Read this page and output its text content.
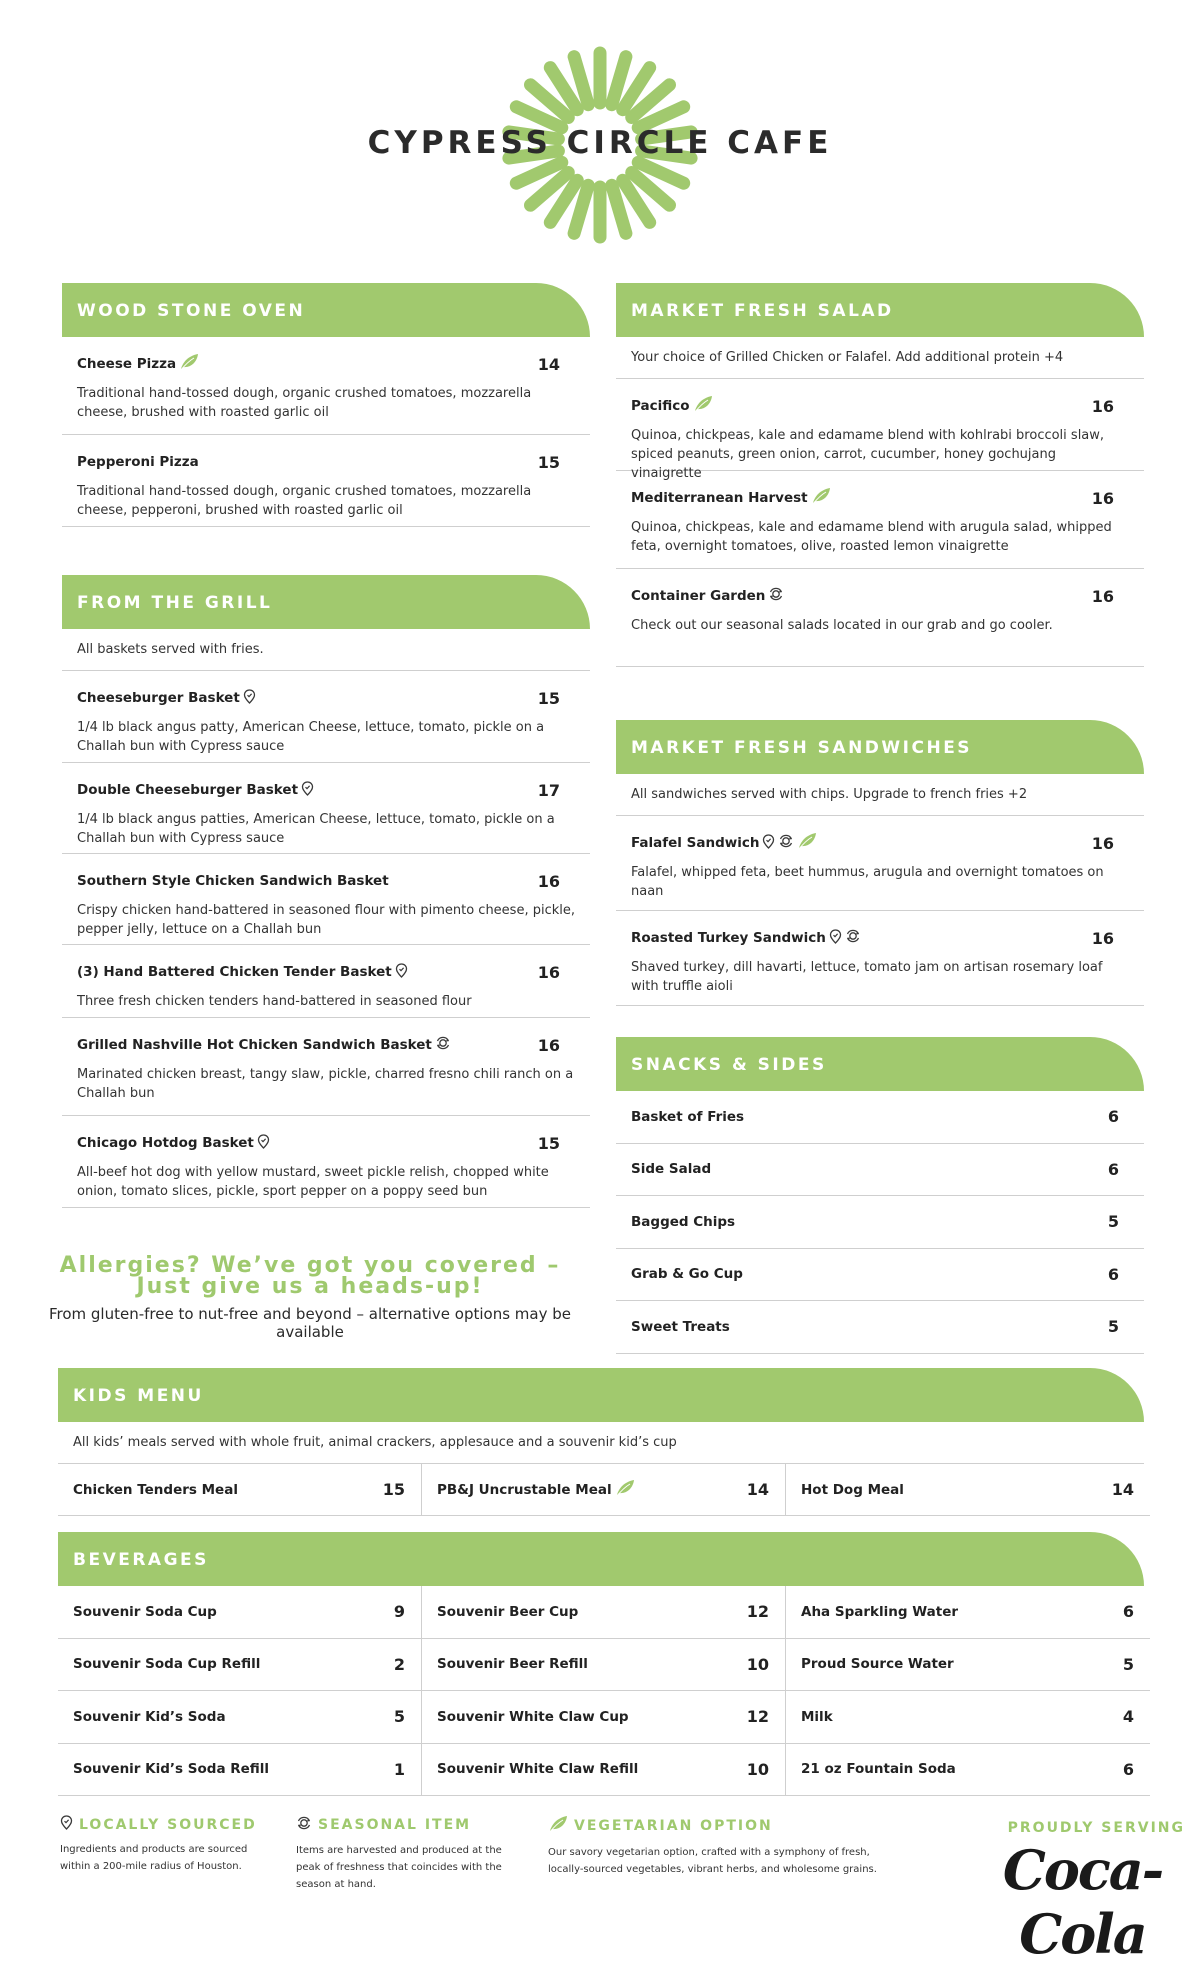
CYPRESS CIRCLE CAFE
WOOD STONE OVEN
Cheese Pizza	14
Traditional hand-tossed dough, organic crushed tomatoes, mozzarella cheese, brushed with roasted garlic oil
Pepperoni Pizza	15
Traditional hand-tossed dough, organic crushed tomatoes, mozzarella cheese, pepperoni, brushed with roasted garlic oil
FROM THE GRILL
All baskets served with fries.
Cheeseburger Basket	15
1/4 lb black angus patty, American Cheese, lettuce, tomato, pickle on a Challah bun with Cypress sauce
Double Cheeseburger Basket	17
1/4 lb black angus patties, American Cheese, lettuce, tomato, pickle on a Challah bun with Cypress sauce
Southern Style Chicken Sandwich Basket	16
Crispy chicken hand-battered in seasoned flour with pimento cheese, pickle, pepper jelly, lettuce on a Challah bun
(3) Hand Battered Chicken Tender Basket	16
Three fresh chicken tenders hand-battered in seasoned flour
Grilled Nashville Hot Chicken Sandwich Basket	16
Marinated chicken breast, tangy slaw, pickle, charred fresno chili ranch on a Challah bun
Chicago Hotdog Basket	15
All-beef hot dog with yellow mustard, sweet pickle relish, chopped white onion, tomato slices, pickle, sport pepper on a poppy seed bun
Allergies? We’ve got you covered –
Just give us a heads-up!
From gluten-free to nut-free and beyond – alternative options may be available
MARKET FRESH SALAD
Your choice of Grilled Chicken or Falafel. Add additional protein +4
Pacifico	16
Quinoa, chickpeas, kale and edamame blend with kohlrabi broccoli slaw, spiced peanuts, green onion, carrot, cucumber, honey gochujang vinaigrette
Mediterranean Harvest	16
Quinoa, chickpeas, kale and edamame blend with arugula salad, whipped feta, overnight tomatoes, olive, roasted lemon vinaigrette
Container Garden	16
Check out our seasonal salads located in our grab and go cooler.
MARKET FRESH SANDWICHES
All sandwiches served with chips. Upgrade to french fries +2
Falafel Sandwich	16
Falafel, whipped feta, beet hummus, arugula and overnight tomatoes on naan
Roasted Turkey Sandwich	16
Shaved turkey, dill havarti, lettuce, tomato jam on artisan rosemary loaf with truffle aioli
SNACKS & SIDES
Basket of Fries	6
Side Salad	6
Bagged Chips	5
Grab & Go Cup	6
Sweet Treats	5
KIDS MENU
All kids’ meals served with whole fruit, animal crackers, applesauce and a souvenir kid’s cup
Chicken Tenders Meal	15 PB&J Uncrustable Meal	14 Hot Dog Meal	14
BEVERAGES
Souvenir Soda Cup	9 Souvenir Beer Cup	12 Aha Sparkling Water	6
Souvenir Soda Cup Refill	2 Souvenir Beer Refill	10 Proud Source Water	5
Souvenir Kid’s Soda	5 Souvenir White Claw Cup	12 Milk	4
Souvenir Kid’s Soda Refill	1 Souvenir White Claw Refill	10 21 oz Fountain Soda	6
LOCALLY SOURCED
Ingredients and products are sourced within a 200-mile radius of Houston.
SEASONAL ITEM
Items are harvested and produced at the peak of freshness that coincides with the season at hand.
VEGETARIAN OPTION
Our savory vegetarian option, crafted with a symphony of fresh, locally-sourced vegetables, vibrant herbs, and wholesome grains.
PROUDLY SERVING
Coca-Cola
